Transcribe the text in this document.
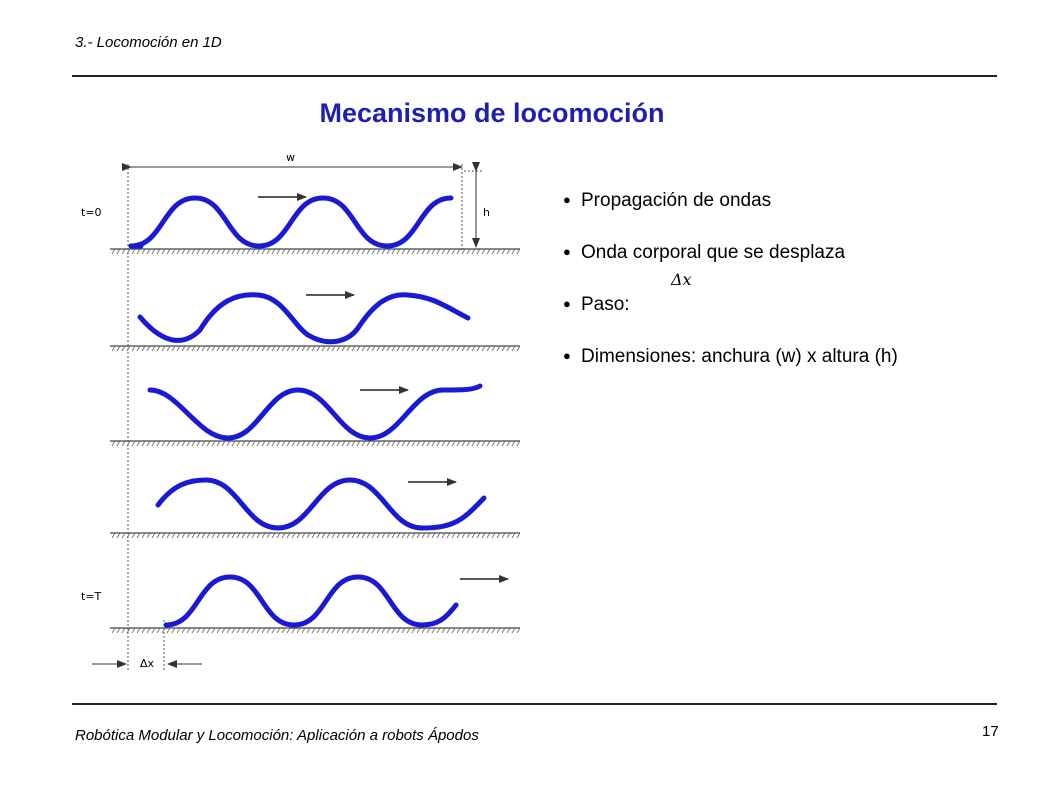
3.- Locomoción en 1D
Mecanismo de locomoción
w
h
t=0
t=T
Δx
● Propagación de ondas
● Onda corporal que se desplaza
Δx
● Paso:
● Dimensiones: anchura (w) x altura (h)
Robótica Modular y Locomoción: Aplicación a robots Ápodos	17
